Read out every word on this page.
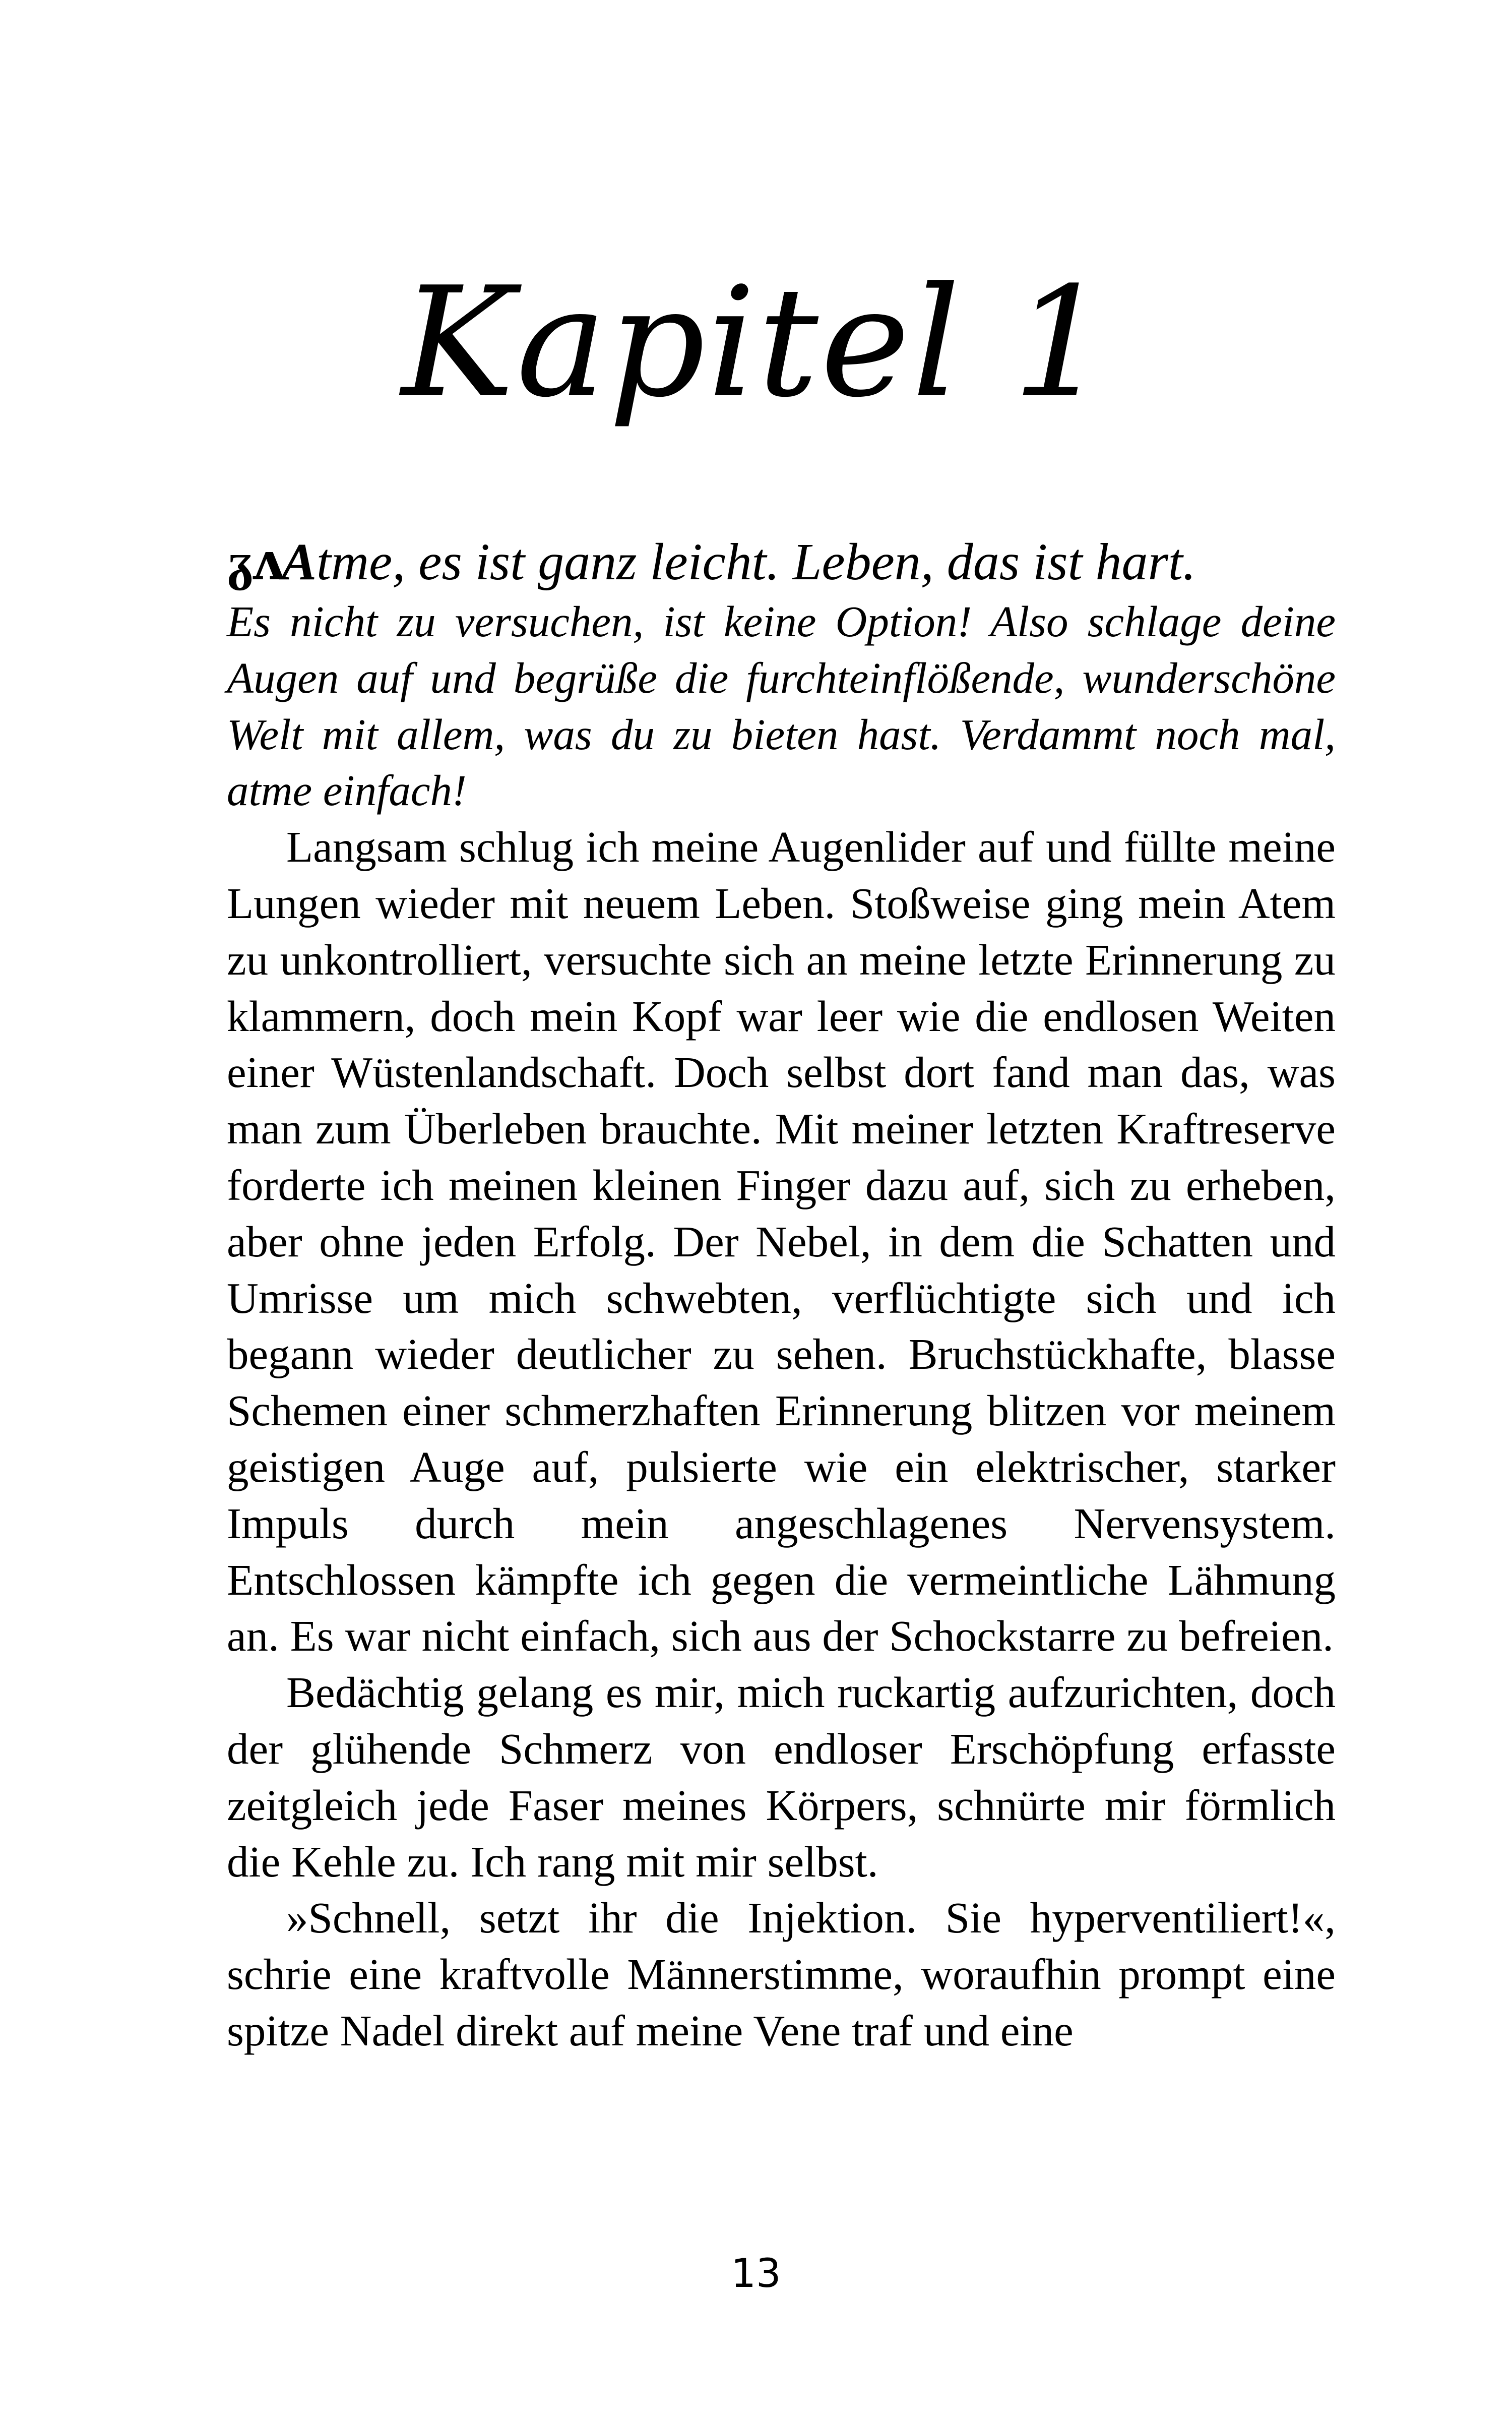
Kapitel 1

ᵹᴧAtme, es ist ganz leicht. Leben, das ist hart.
Es nicht zu versuchen, ist keine Option! Also schlage deine Augen auf und begrüße die furchteinflößende, wunderschöne Welt mit allem, was du zu bieten hast. Verdammt noch mal, atme einfach!

Langsam schlug ich meine Augenlider auf und füllte meine Lungen wieder mit neuem Leben. Stoßweise ging mein Atem zu unkontrolliert, versuchte sich an meine letzte Erinnerung zu klammern, doch mein Kopf war leer wie die endlosen Weiten einer Wüstenlandschaft. Doch selbst dort fand man das, was man zum Überleben brauchte. Mit meiner letzten Kraftreserve forderte ich meinen kleinen Finger dazu auf, sich zu erheben, aber ohne jeden Erfolg. Der Nebel, in dem die Schatten und Umrisse um mich schwebten, verflüchtigte sich und ich begann wieder deutlicher zu sehen. Bruchstückhafte, blasse Schemen einer schmerzhaften Erinnerung blitzen vor meinem geistigen Auge auf, pulsierte wie ein elektrischer, starker Impuls durch mein angeschlagenes Nervensystem. Entschlossen kämpfte ich gegen die vermeintliche Lähmung an. Es war nicht einfach, sich aus der Schockstarre zu befreien.

Bedächtig gelang es mir, mich ruckartig aufzurichten, doch der glühende Schmerz von endloser Erschöpfung erfasste zeitgleich jede Faser meines Körpers, schnürte mir förmlich die Kehle zu. Ich rang mit mir selbst.

»Schnell, setzt ihr die Injektion. Sie hyperventiliert!«, schrie eine kraftvolle Männerstimme, woraufhin prompt eine spitze Nadel direkt auf meine Vene traf und eine

13
